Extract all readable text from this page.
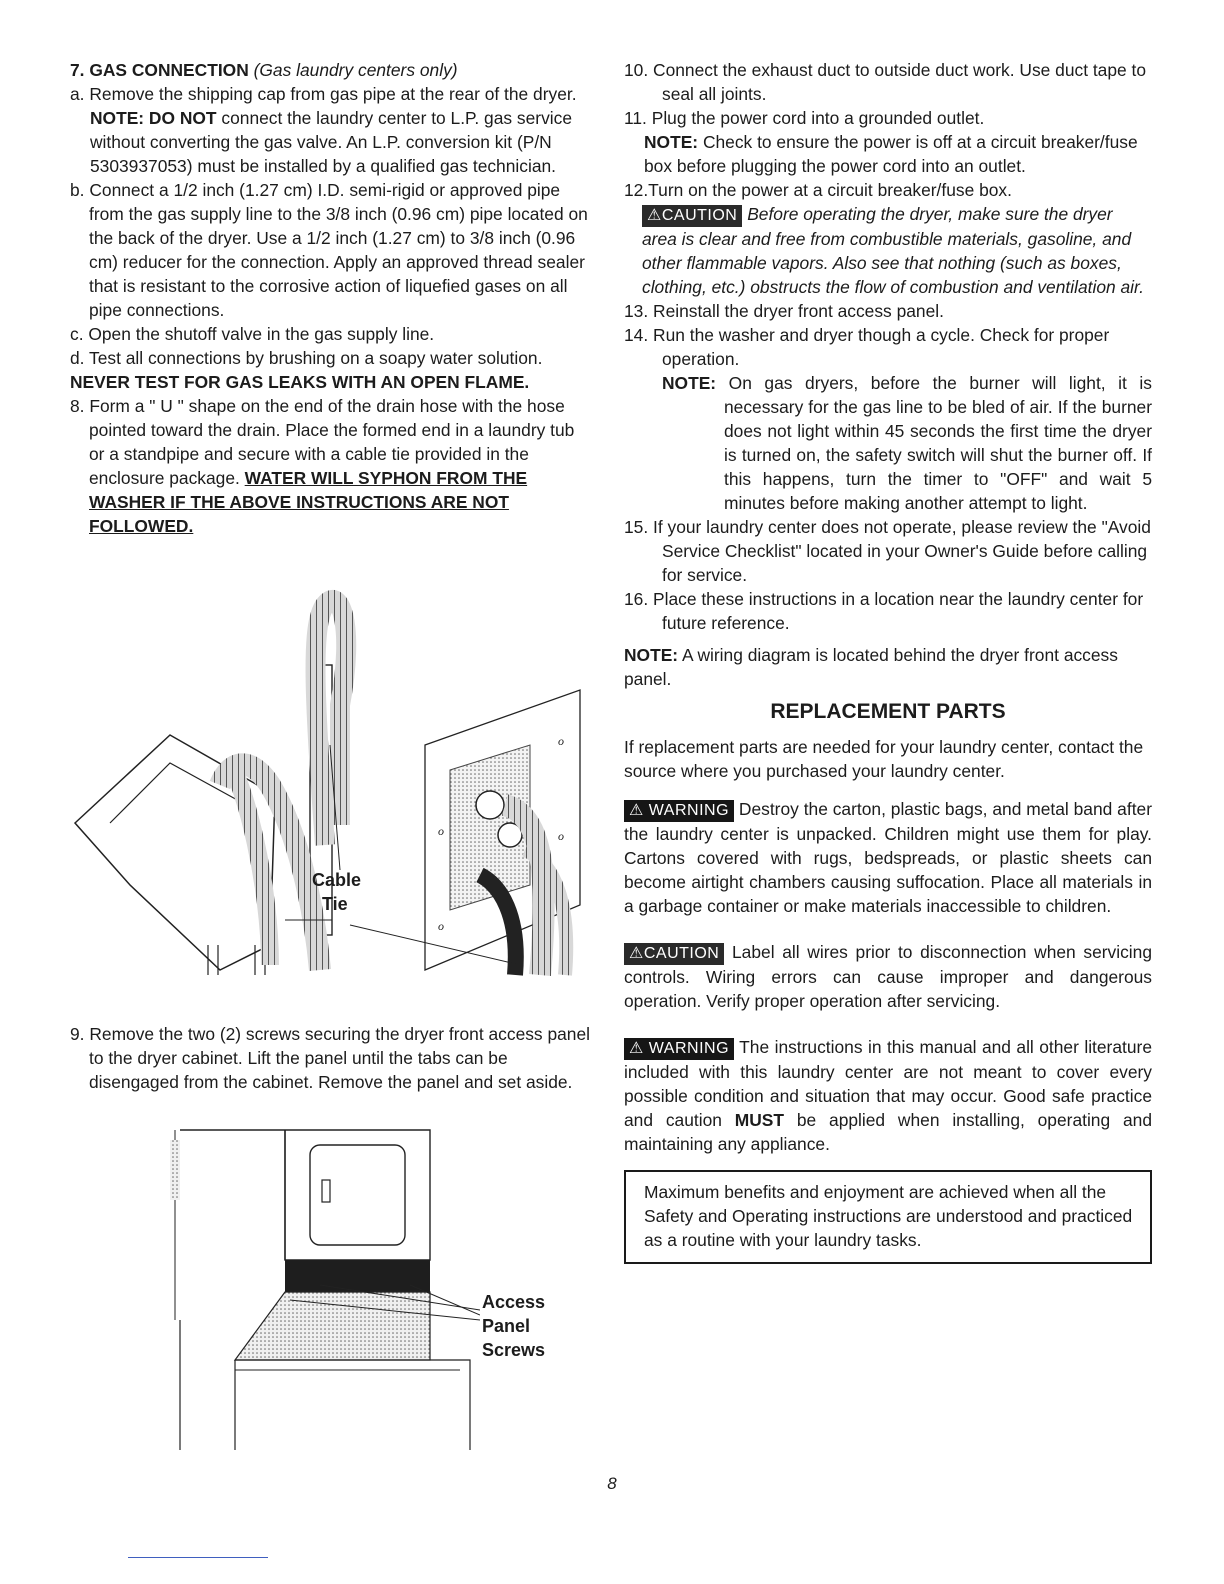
7. GAS CONNECTION (Gas laundry centers only)

a. Remove the shipping cap from gas pipe at the rear of the dryer.

NOTE: DO NOT connect the laundry center to L.P. gas service without converting the gas valve. An L.P. conversion kit (P/N 5303937053) must be installed by a qualified gas technician.

b. Connect a 1/2 inch (1.27 cm) I.D. semi-rigid or approved pipe from the gas supply line to the 3/8 inch (0.96 cm) pipe located on the back of the dryer. Use a 1/2 inch (1.27 cm) to 3/8 inch (0.96 cm) reducer for the connection. Apply an approved thread sealer that is resistant to the corrosive action of liquefied gases on all pipe connections.

c. Open the shutoff valve in the gas supply line.

d. Test all connections by brushing on a soapy water solution.

NEVER TEST FOR GAS LEAKS WITH AN OPEN FLAME.

8. Form a " U " shape on the end of the drain hose with the hose pointed toward the drain. Place the formed end in a laundry tub or a standpipe and secure with a cable tie provided in the enclosure package. WATER WILL SYPHON FROM THE WASHER IF THE ABOVE INSTRUCTIONS ARE NOT FOLLOWED.

o
o
o
o
Cable
Tie

9. Remove the two (2) screws securing the dryer front access panel to the dryer cabinet. Lift the panel until the tabs can be disengaged from the cabinet. Remove the panel and set aside.

Access
Panel
Screws

10. Connect the exhaust duct to outside duct work. Use duct tape to seal all joints.

11. Plug the power cord into a grounded outlet.

NOTE: Check to ensure the power is off at a circuit breaker/fuse box before plugging the power cord into an outlet.

12.Turn on the power at a circuit breaker/fuse box.

⚠CAUTION Before operating the dryer, make sure the dryer area is clear and free from combustible materials, gasoline, and other flammable vapors. Also see that nothing (such as boxes, clothing, etc.) obstructs the flow of combustion and ventilation air.

13. Reinstall the dryer front access panel.

14. Run the washer and dryer though a cycle. Check for proper operation.

NOTE: On gas dryers, before the burner will light, it is necessary for the gas line to be bled of air. If the burner does not light within 45 seconds the first time the dryer is turned on, the safety switch will shut the burner off. If this happens, turn the timer to "OFF" and wait 5 minutes before making another attempt to light.

15. If your laundry center does not operate, please review the "Avoid Service Checklist" located in your Owner's Guide before calling for service.

16. Place these instructions in a location near the laundry center for future reference.

NOTE: A wiring diagram is located behind the dryer front access panel.

REPLACEMENT PARTS

If replacement parts are needed for your laundry center, contact the source where you purchased your laundry center.

⚠ WARNING Destroy the carton, plastic bags, and metal band after the laundry center is unpacked. Children might use them for play. Cartons covered with rugs, bedspreads, or plastic sheets can become airtight chambers causing suffocation. Place all materials in a garbage container or make materials inaccessible to children.

⚠CAUTION Label all wires prior to disconnection when servicing controls. Wiring errors can cause improper and dangerous operation. Verify proper operation after servicing.

⚠ WARNING The instructions in this manual and all other literature included with this laundry center are not meant to cover every possible condition and situation that may occur. Good safe practice and caution MUST be applied when installing, operating and maintaining any appliance.

Maximum benefits and enjoyment are achieved when all the Safety and Operating instructions are understood and practiced as a routine with your laundry tasks.

8
